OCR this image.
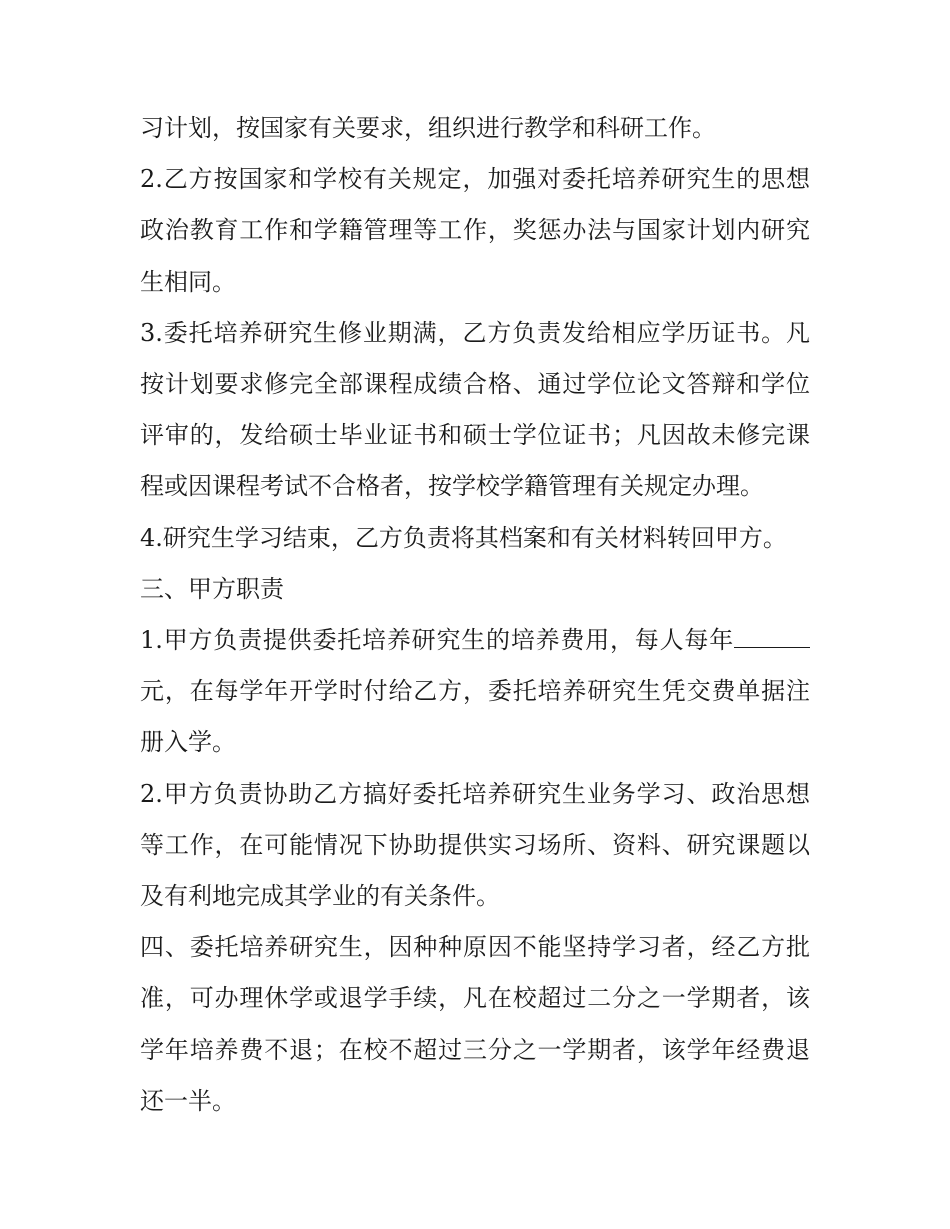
习计划，按国家有关要求，组织进行教学和科研工作。

2.乙方按国家和学校有关规定，加强对委托培养研究生的思想政治教育工作和学籍管理等工作，奖惩办法与国家计划内研究生相同。

3.委托培养研究生修业期满，乙方负责发给相应学历证书。凡按计划要求修完全部课程成绩合格、通过学位论文答辩和学位评审的，发给硕士毕业证书和硕士学位证书；凡因故未修完课程或因课程考试不合格者，按学校学籍管理有关规定办理。

4.研究生学习结束，乙方负责将其档案和有关材料转回甲方。

三、甲方职责

1.甲方负责提供委托培养研究生的培养费用，每人每年元，在每学年开学时付给乙方，委托培养研究生凭交费单据注册入学。

2.甲方负责协助乙方搞好委托培养研究生业务学习、政治思想等工作，在可能情况下协助提供实习场所、资料、研究课题以及有利地完成其学业的有关条件。

四、委托培养研究生，因种种原因不能坚持学习者，经乙方批准，可办理休学或退学手续，凡在校超过二分之一学期者，该学年培养费不退；在校不超过三分之一学期者，该学年经费退还一半。
